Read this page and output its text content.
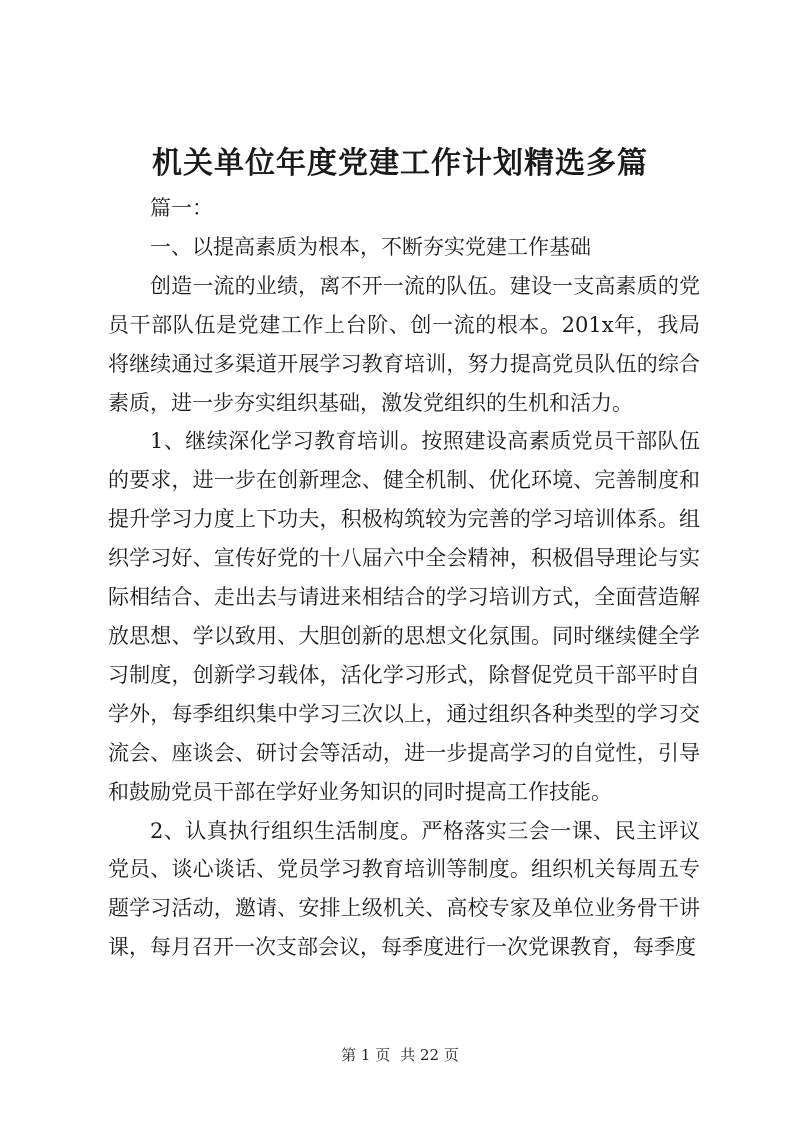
机关单位年度党建工作计划精选多篇

篇一：

一、以提高素质为根本，不断夯实党建工作基础

创造一流的业绩，离不开一流的队伍。建设一支高素质的党员干部队伍是党建工作上台阶、创一流的根本。201x年，我局将继续通过多渠道开展学习教育培训，努力提高党员队伍的综合素质，进一步夯实组织基础，激发党组织的生机和活力。

1、继续深化学习教育培训。按照建设高素质党员干部队伍的要求，进一步在创新理念、健全机制、优化环境、完善制度和提升学习力度上下功夫，积极构筑较为完善的学习培训体系。组织学习好、宣传好党的十八届六中全会精神，积极倡导理论与实际相结合、走出去与请进来相结合的学习培训方式，全面营造解放思想、学以致用、大胆创新的思想文化氛围。同时继续健全学习制度，创新学习载体，活化学习形式，除督促党员干部平时自学外，每季组织集中学习三次以上，通过组织各种类型的学习交流会、座谈会、研讨会等活动，进一步提高学习的自觉性，引导和鼓励党员干部在学好业务知识的同时提高工作技能。

2、认真执行组织生活制度。严格落实三会一课、民主评议党员、谈心谈话、党员学习教育培训等制度。组织机关每周五专题学习活动，邀请、安排上级机关、高校专家及单位业务骨干讲课，每月召开一次支部会议，每季度进行一次党课教育，每季度

第 1 页 共 22 页
